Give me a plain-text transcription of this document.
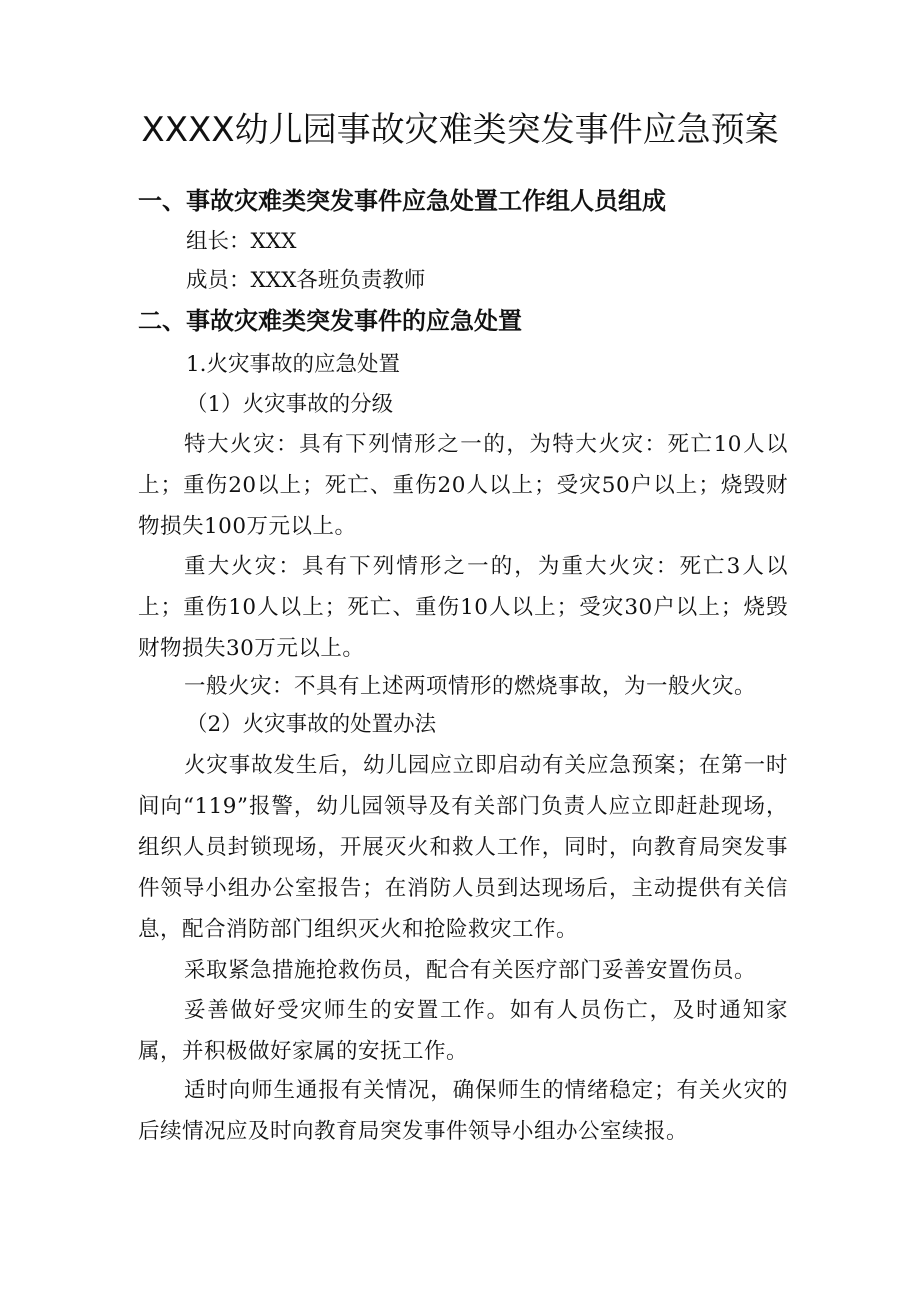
XXXX幼儿园事故灾难类突发事件应急预案
一、事故灾难类突发事件应急处置工作组人员组成
组长：XXX
成员：XXX各班负责教师
二、事故灾难类突发事件的应急处置
1.火灾事故的应急处置
（1）火灾事故的分级
特大火灾：具有下列情形之一的，为特大火灾：死亡10人以上；重伤20以上；死亡、重伤20人以上；受灾50户以上；烧毁财物损失100万元以上。
重大火灾：具有下列情形之一的，为重大火灾：死亡3人以上；重伤10人以上；死亡、重伤10人以上；受灾30户以上；烧毁财物损失30万元以上。
一般火灾：不具有上述两项情形的燃烧事故，为一般火灾。
（2）火灾事故的处置办法
火灾事故发生后，幼儿园应立即启动有关应急预案；在第一时间向“119”报警，幼儿园领导及有关部门负责人应立即赶赴现场，组织人员封锁现场，开展灭火和救人工作，同时，向教育局突发事件领导小组办公室报告；在消防人员到达现场后，主动提供有关信息，配合消防部门组织灭火和抢险救灾工作。
采取紧急措施抢救伤员，配合有关医疗部门妥善安置伤员。
妥善做好受灾师生的安置工作。如有人员伤亡，及时通知家属，并积极做好家属的安抚工作。
适时向师生通报有关情况，确保师生的情绪稳定；有关火灾的后续情况应及时向教育局突发事件领导小组办公室续报。
